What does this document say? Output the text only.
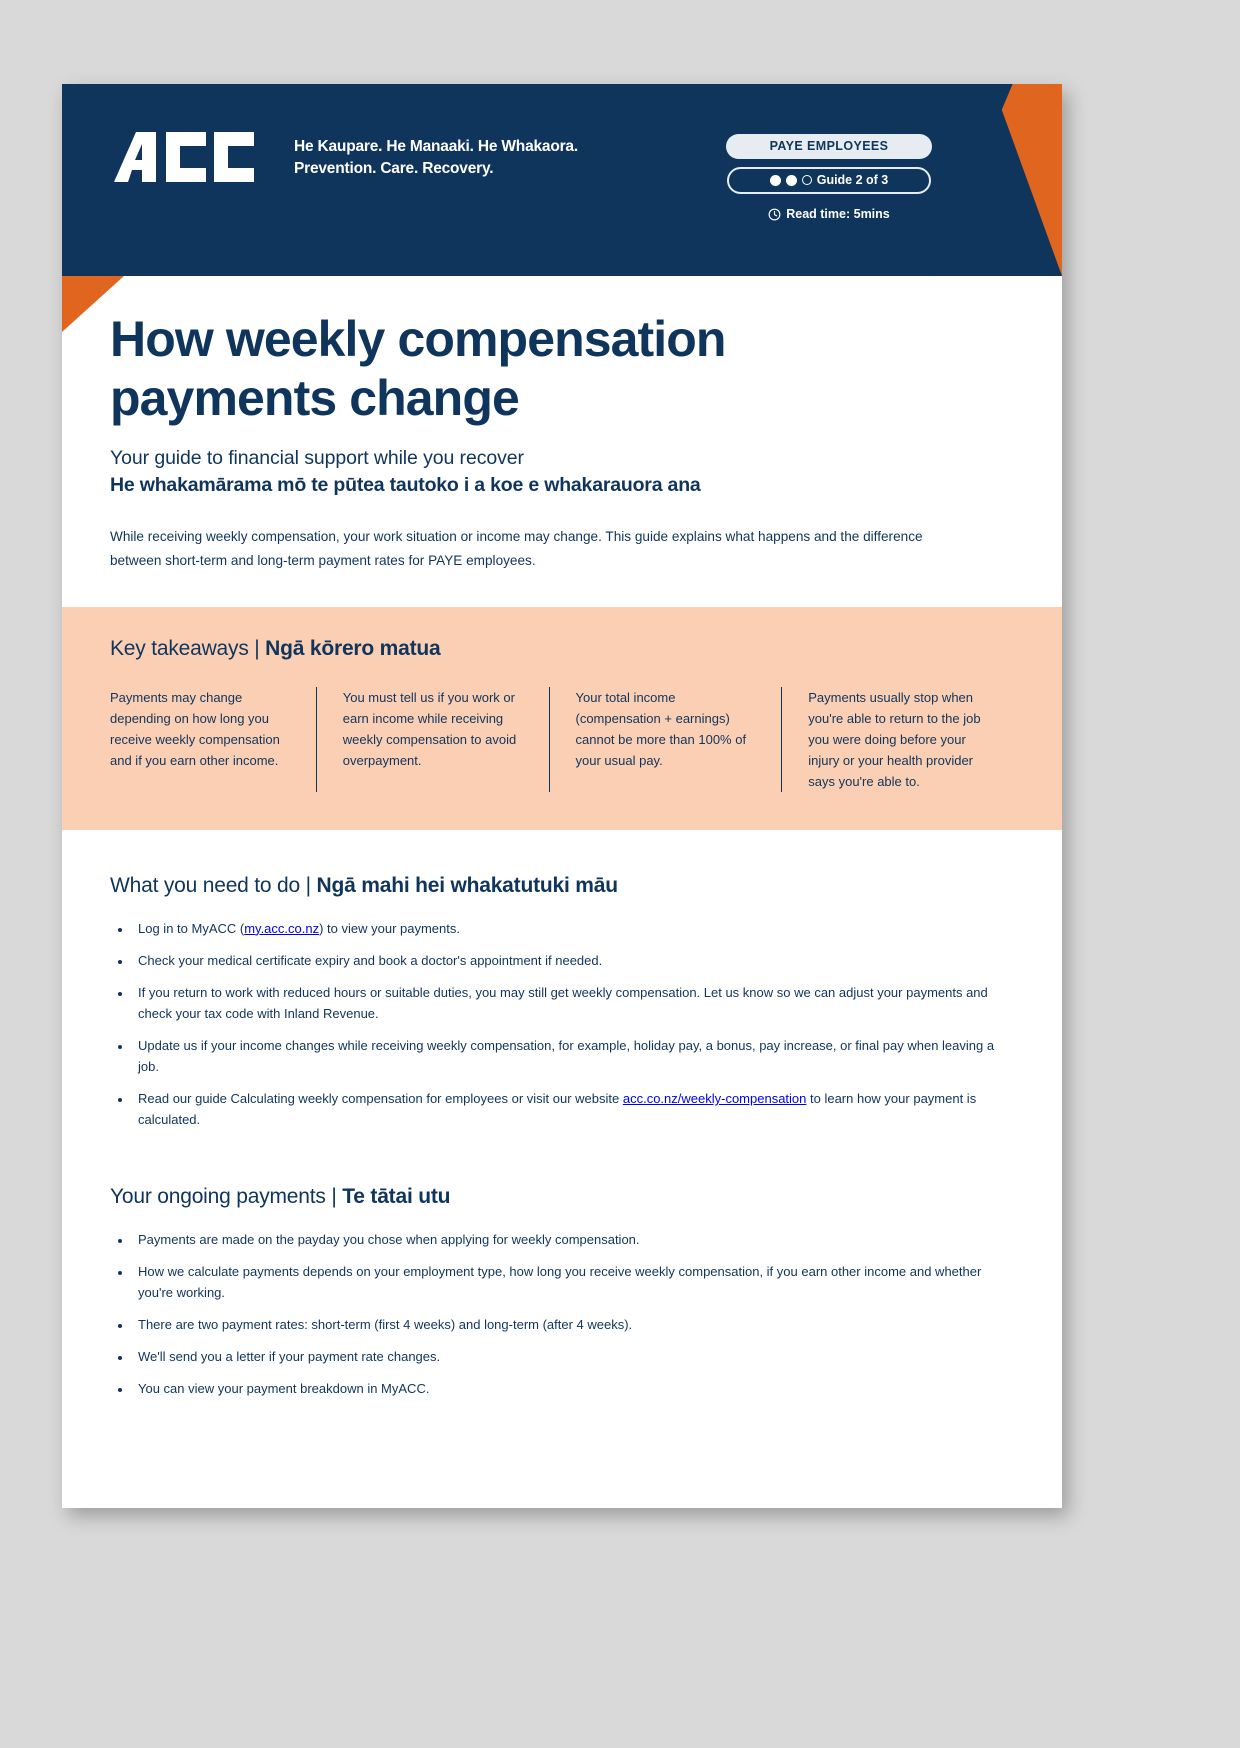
He Kaupare. He Manaaki. He Whakaora.
Prevention. Care. Recovery.
PAYE EMPLOYEES
Guide 2 of 3
Read time: 5mins
How weekly compensation payments change
Your guide to financial support while you recover
He whakamārama mō te pūtea tautoko i a koe e whakarauora ana
While receiving weekly compensation, your work situation or income may change. This guide explains what happens and the difference between short-term and long-term payment rates for PAYE employees.
Key takeaways | Ngā kōrero matua
Payments may change depending on how long you receive weekly compensation and if you earn other income.
You must tell us if you work or earn income while receiving weekly compensation to avoid overpayment.
Your total income (compensation + earnings) cannot be more than 100% of your usual pay.
Payments usually stop when you're able to return to the job you were doing before your injury or your health provider says you're able to.
What you need to do | Ngā mahi hei whakatutuki māu
• Log in to MyACC (my.acc.co.nz) to view your payments.
• Check your medical certificate expiry and book a doctor's appointment if needed.
• If you return to work with reduced hours or suitable duties, you may still get weekly compensation. Let us know so we can adjust your payments and check your tax code with Inland Revenue.
• Update us if your income changes while receiving weekly compensation, for example, holiday pay, a bonus, pay increase, or final pay when leaving a job.
• Read our guide Calculating weekly compensation for employees or visit our website acc.co.nz/weekly-compensation to learn how your payment is calculated.
Your ongoing payments | Te tātai utu
• Payments are made on the payday you chose when applying for weekly compensation.
• How we calculate payments depends on your employment type, how long you receive weekly compensation, if you earn other income and whether you're working.
• There are two payment rates: short-term (first 4 weeks) and long-term (after 4 weeks).
• We'll send you a letter if your payment rate changes.
• You can view your payment breakdown in MyACC.
